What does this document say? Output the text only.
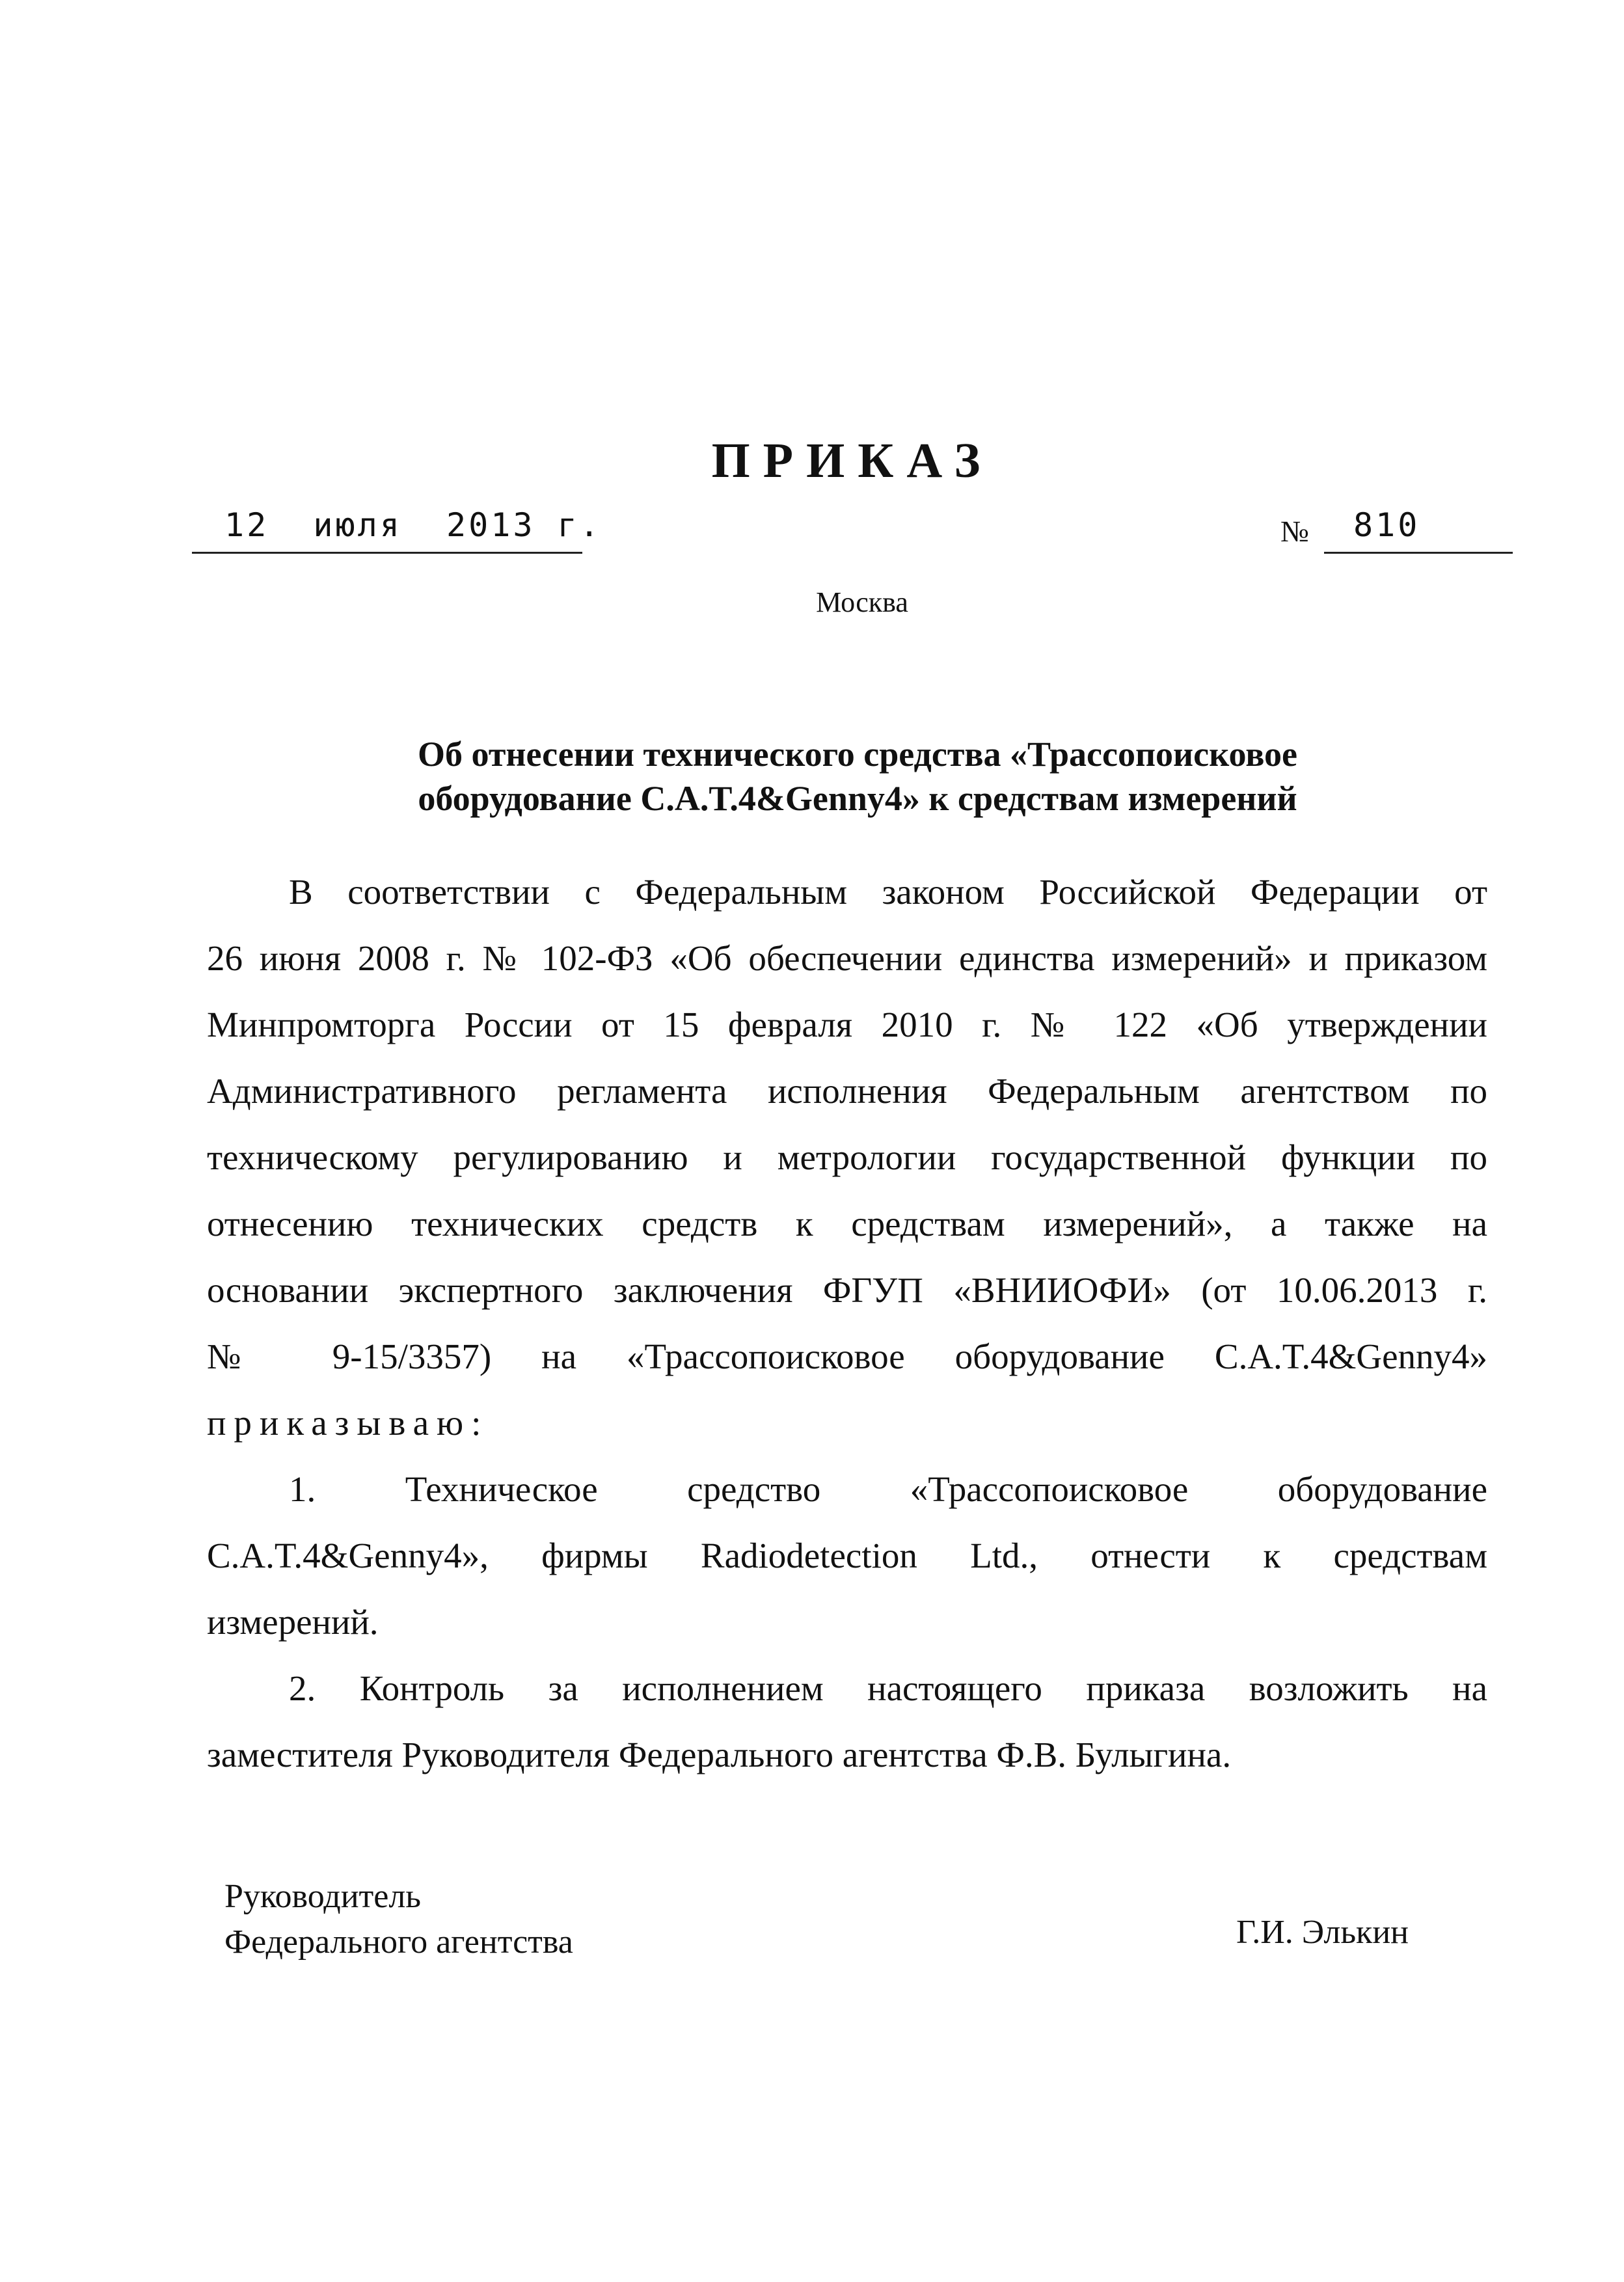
ПРИКАЗ
12  июля  2013 г.	№ 810
Москва
Об отнесении технического средства «Трассопоисковое
оборудование C.A.T.4&Genny4» к средствам измерений
В соответствии с Федеральным законом Российской Федерации от
26 июня 2008 г. № 102-ФЗ «Об обеспечении единства измерений» и приказом
Минпромторга России от 15 февраля 2010 г. № 122 «Об утверждении
Административного регламента исполнения Федеральным агентством по
техническому регулированию и метрологии государственной функции по
отнесению технических средств к средствам измерений», а также на
основании экспертного заключения ФГУП «ВНИИОФИ» (от 10.06.2013 г.
№ 9-15/3357) на «Трассопоисковое оборудование C.A.T.4&Genny4»
приказываю:
1. Техническое средство «Трассопоисковое оборудование
C.A.T.4&Genny4», фирмы Radiodetection Ltd., отнести к средствам
измерений.
2. Контроль за исполнением настоящего приказа возложить на
заместителя Руководителя Федерального агентства Ф.В. Булыгина.
Руководитель
Федерального агентства	Г.И. Элькин
